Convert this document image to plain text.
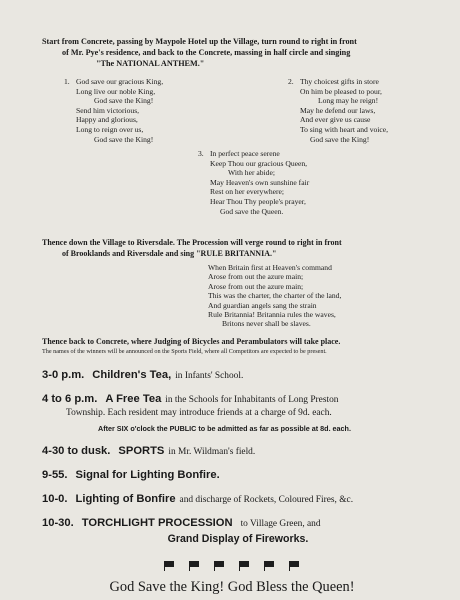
Start from Concrete, passing by Maypole Hotel up the Village, turn round to right in front
of Mr. Pye's residence, and back to the Concrete, massing in half circle and singing
"The NATIONAL ANTHEM."
1. God save our gracious King,
Long live our noble King,
God save the King!
Send him victorious,
Happy and glorious,
Long to reign over us,
God save the King!
2. Thy choicest gifts in store
On him be pleased to pour,
Long may he reign!
May he defend our laws,
And ever give us cause
To sing with heart and voice,
God save the King!
3. In perfect peace serene
Keep Thou our gracious Queen,
With her abide;
May Heaven's own sunshine fair
Rest on her everywhere;
Hear Thou Thy people's prayer,
God save the Queen.
Thence down the Village to Riversdale. The Procession will verge round to right in front
of Brooklands and Riversdale and sing "RULE BRITANNIA."
When Britain first at Heaven's command
Arose from out the azure main;
Arose from out the azure main;
This was the charter, the charter of the land,
And guardian angels sang the strain
Rule Britannia! Britannia rules the waves,
Britons never shall be slaves.
Thence back to Concrete, where Judging of Bicycles and Perambulators will take place.
The names of the winners will be announced on the Sports Field, where all Competitors are expected to be present.
3-0 p.m. Children's Tea, in Infants' School.
4 to 6 p.m. A Free Tea in the Schools for Inhabitants of Long Preston
Township. Each resident may introduce friends at a charge of 9d. each.
After SIX o'clock the PUBLIC to be admitted as far as possible at 8d. each.
4-30 to dusk. SPORTS in Mr. Wildman's field.
9-55. Signal for Lighting Bonfire.
10-0. Lighting of Bonfire and discharge of Rockets, Coloured Fires, &c.
10-30. TORCHLIGHT PROCESSION to Village Green, and
Grand Display of Fireworks.

God Save the King! God Bless the Queen!
